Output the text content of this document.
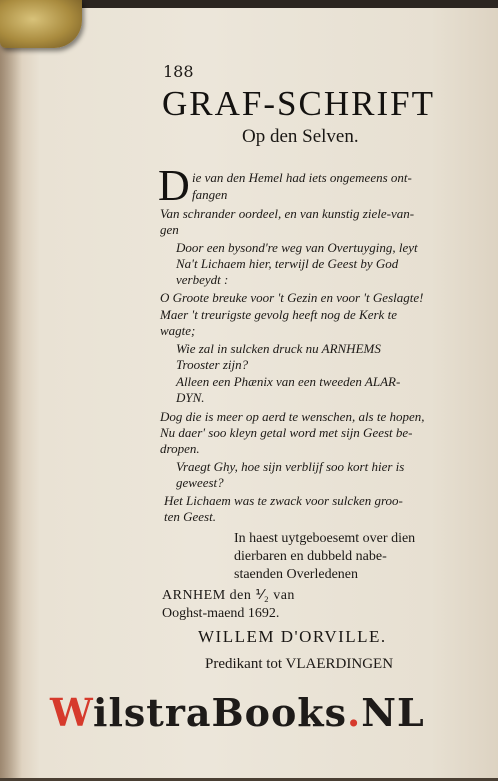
188
GRAF-SCHRIFT
Op den Selven.
D ie van den Hemel had iets ongemeens ont-
fangen
Van schrander oordeel, en van kunstig ziele-van-
gen
Door een bysond're weg van Overtuyging, leyt
Na't Lichaem hier, terwijl de Geest by God
verbeydt :
O Groote breuke voor 't Gezin en voor 't Geslagte!
Maer 't treurigste gevolg heeft nog de Kerk te
wagte;
Wie zal in sulcken druck nu ARNHEMS
Trooster zijn?
Alleen een Phænix van een tweeden ALAR-
DYN.
Dog die is meer op aerd te wenschen, als te hopen,
Nu daer' soo kleyn getal word met sijn Geest be-
dropen.
Vraegt Ghy, hoe sijn verblijf soo kort hier is
geweest?
Het Lichaem was te zwack voor sulcken groo-
ten Geest.
In haest uytgeboesemt over dien
dierbaren en dubbeld nabe-
staenden Overledenen
ARNHEM den ⅟₂ van
Ooghst-maend 1692.
WILLEM D'ORVILLE.
Predikant tot VLAERDINGEN
WilstraBooks.NL
